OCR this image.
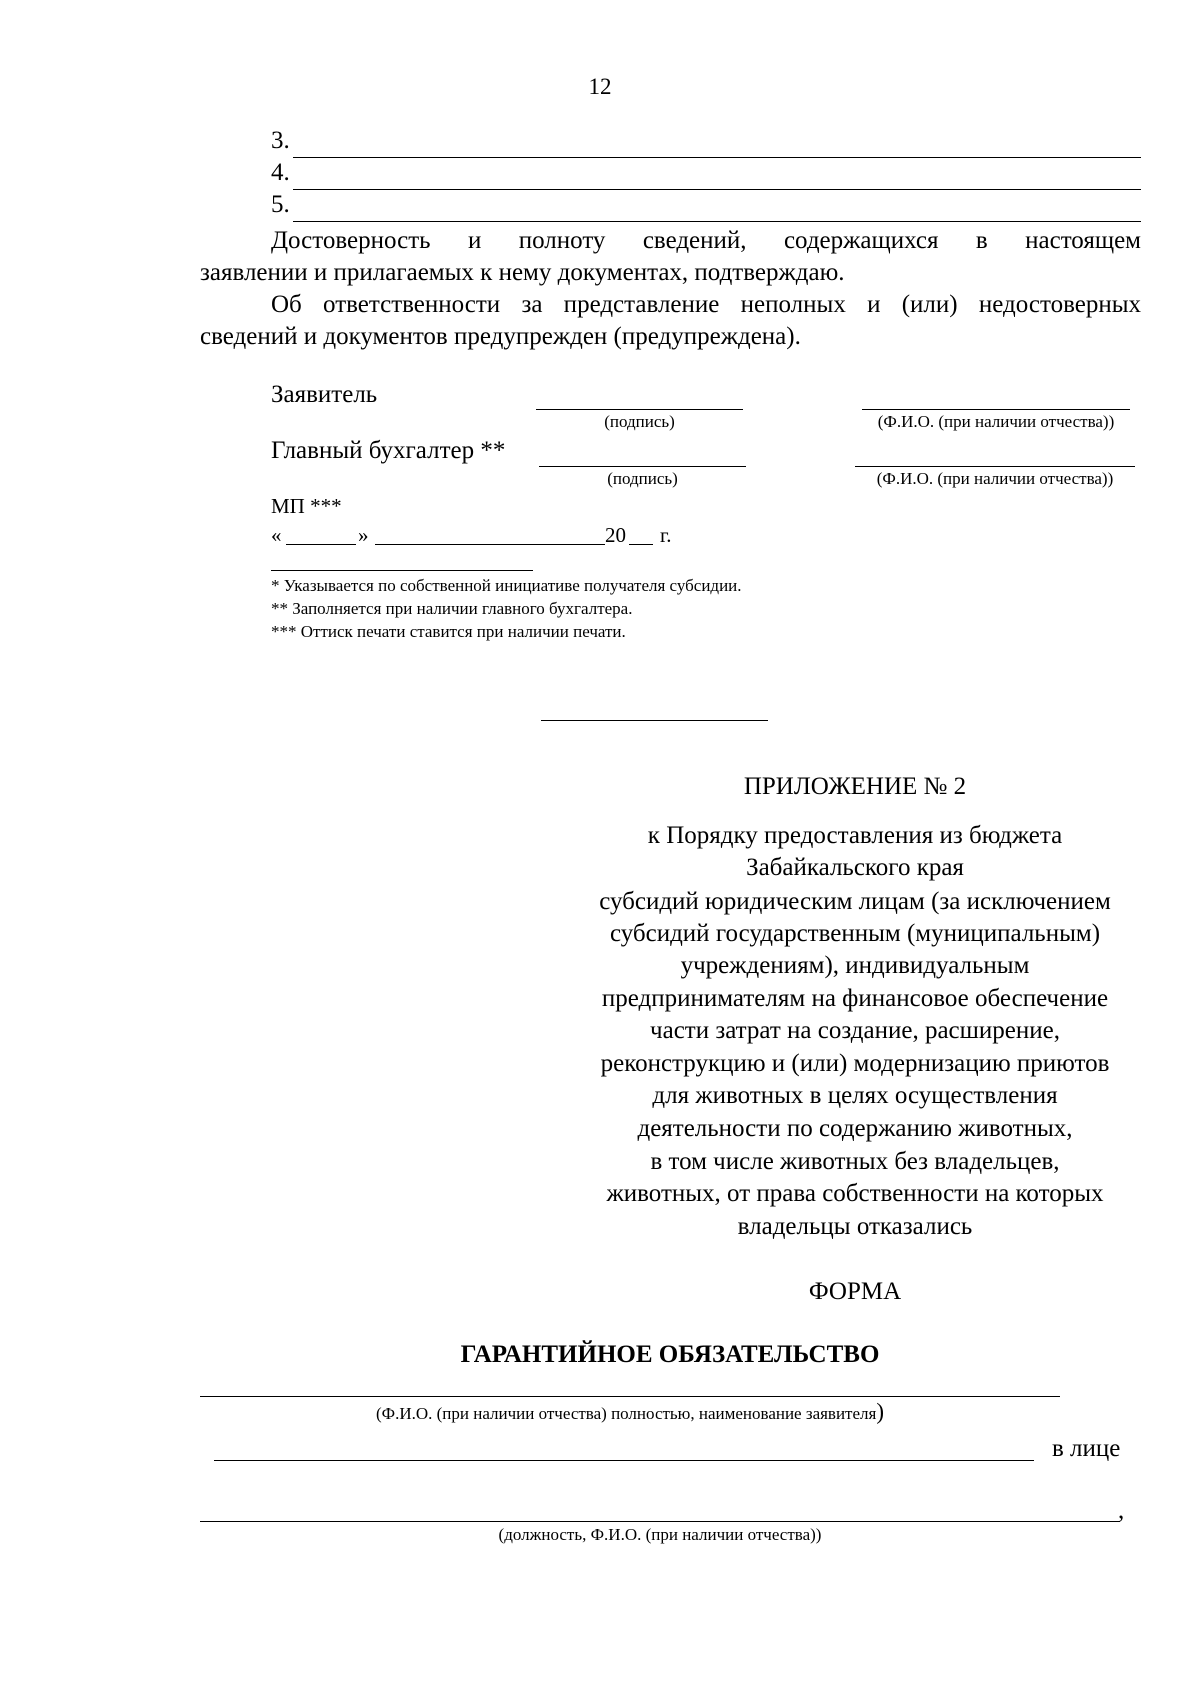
12
3.
4.
5.
Достоверность и полноту сведений, содержащихся в настоящем
заявлении и прилагаемых к нему документах, подтверждаю.
Об ответственности за представление неполных и (или) недостоверных
сведений и документов предупрежден (предупреждена).
Заявитель
(подпись)	(Ф.И.О. (при наличии отчества))
Главный бухгалтер **
(подпись)	(Ф.И.О. (при наличии отчества))
МП ***
«	»	20 г.
* Указывается по собственной инициативе получателя субсидии.
** Заполняется при наличии главного бухгалтера.
*** Оттиск печати ставится при наличии печати.
ПРИЛОЖЕНИЕ № 2
к Порядку предоставления из бюджета
Забайкальского края
субсидий юридическим лицам (за исключением
субсидий государственным (муниципальным)
учреждениям), индивидуальным
предпринимателям на финансовое обеспечение
части затрат на создание, расширение,
реконструкцию и (или) модернизацию приютов
для животных в целях осуществления
деятельности по содержанию животных,
в том числе животных без владельцев,
животных, от права собственности на которых
владельцы отказались
ФОРМА
ГАРАНТИЙНОЕ ОБЯЗАТЕЛЬСТВО
(Ф.И.О. (при наличии отчества) полностью, наименование заявителя)
в лице
,
(должность, Ф.И.О. (при наличии отчества))
